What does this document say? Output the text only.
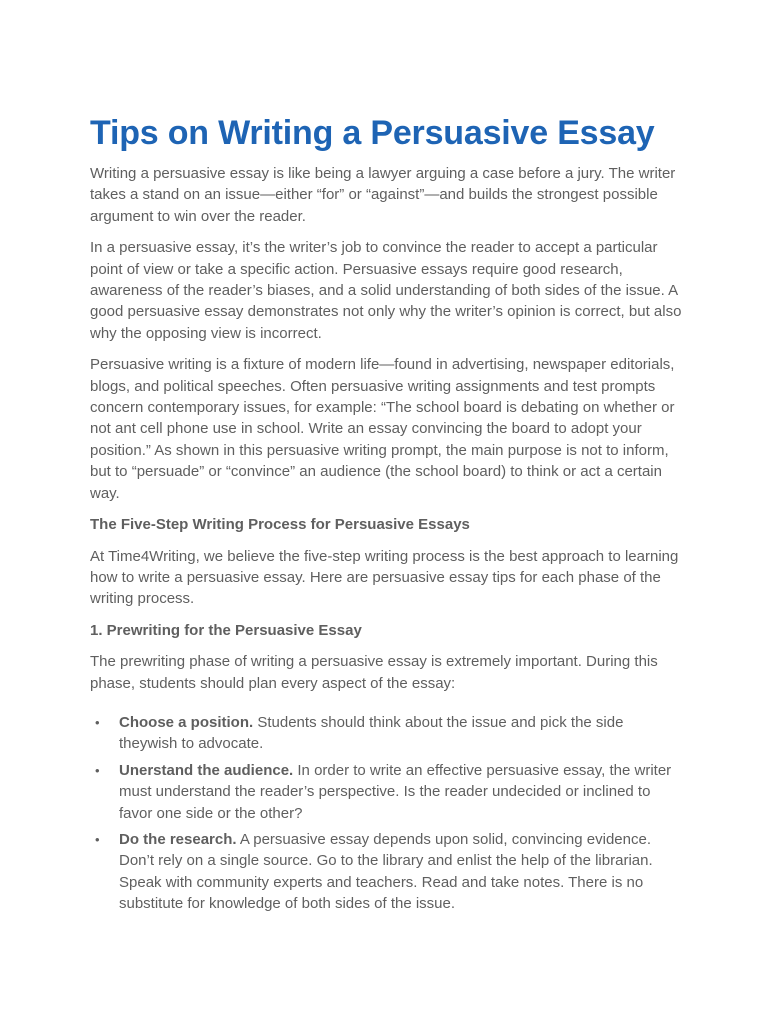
Tips on Writing a Persuasive Essay

Writing a persuasive essay is like being a lawyer arguing a case before a jury. The writer takes a stand on an issue—either “for” or “against”—and builds the strongest possible argument to win over the reader.

In a persuasive essay, it’s the writer’s job to convince the reader to accept a particular point of view or take a specific action. Persuasive essays require good research, awareness of the reader’s biases, and a solid understanding of both sides of the issue. A good persuasive essay demonstrates not only why the writer’s opinion is correct, but also why the opposing view is incorrect.

Persuasive writing is a fixture of modern life—found in advertising, newspaper editorials, blogs, and political speeches. Often persuasive writing assignments and test prompts concern contemporary issues, for example: “The school board is debating on whether or not ant cell phone use in school. Write an essay convincing the board to adopt your position.” As shown in this persuasive writing prompt, the main purpose is not to inform, but to “persuade” or “convince” an audience (the school board) to think or act a certain way.

The Five-Step Writing Process for Persuasive Essays

At Time4Writing, we believe the five-step writing process is the best approach to learning how to write a persuasive essay. Here are persuasive essay tips for each phase of the writing process.

1. Prewriting for the Persuasive Essay

The prewriting phase of writing a persuasive essay is extremely important. During this phase, students should plan every aspect of the essay:

• Choose a position. Students should think about the issue and pick the side theywish to advocate.
• Unerstand the audience. In order to write an effective persuasive essay, the writer must understand the reader’s perspective. Is the reader undecided or inclined to favor one side or the other?
• Do the research. A persuasive essay depends upon solid, convincing evidence. Don’t rely on a single source. Go to the library and enlist the help of the librarian. Speak with community experts and teachers. Read and take notes. There is no substitute for knowledge of both sides of the issue.
